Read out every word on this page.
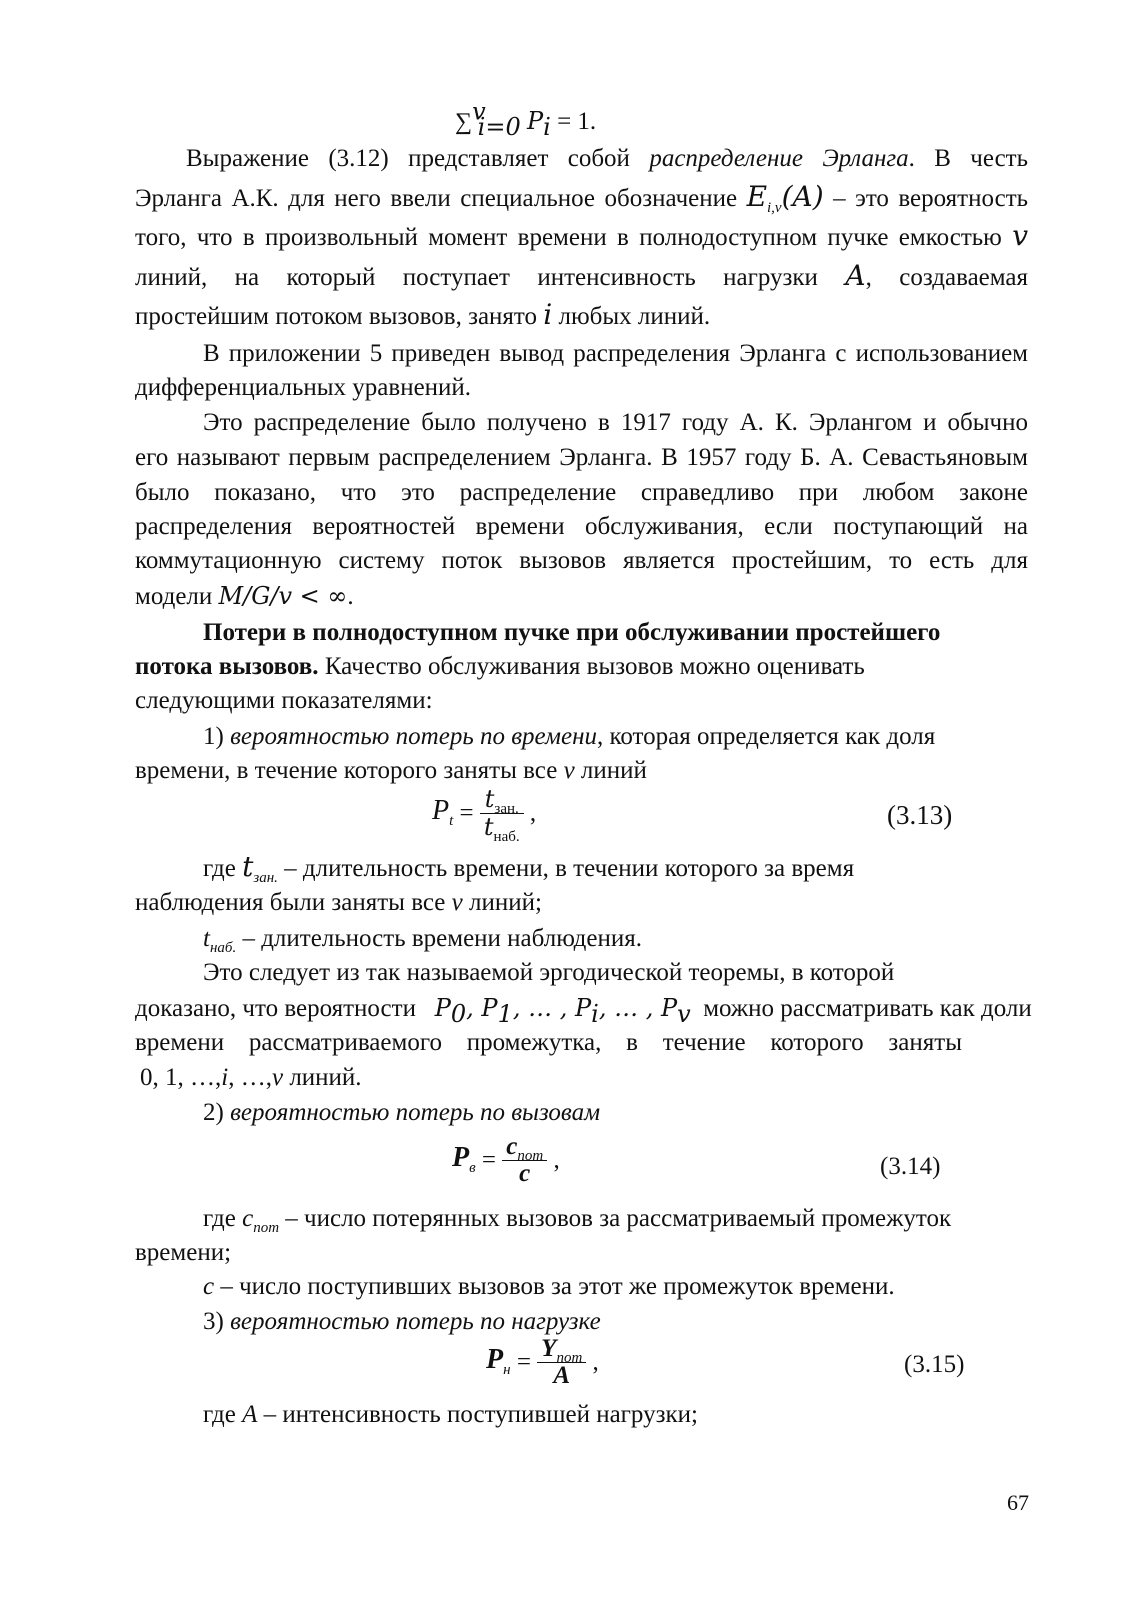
∑$^v_{i=0}$ $P_i = 1$.
Выражение (3.12) представляет собой распределение Эрланга. В честь
Эрланга А.К. для него ввели специальное обозначение $E_{i,v}(A)$ – это вероятность
того, что в произвольный момент времени в полнодоступном пучке емкостью v
линий, на который поступает интенсивность нагрузки A, создаваемая
простейшим потоком вызовов, занято i любых линий.
В приложении 5 приведен вывод распределения Эрланга с использованием
дифференциальных уравнений.
Это распределение было получено в 1917 году А. К. Эрлангом и обычно
его называют первым распределением Эрланга. В 1957 году Б. А. Севастьяновым
было показано, что это распределение справедливо при любом законе
распределения вероятностей времени обслуживания, если поступающий на
коммутационную систему поток вызовов является простейшим, то есть для
модели M/G/v < ∞.
Потери в полнодоступном пучке при обслуживании простейшего
потока вызовов. Качество обслуживания вызовов можно оценивать
следующими показателями:
1) вероятностью потерь по времени, которая определяется как доля
времени, в течение которого заняты все v линий
$P_t = \frac{t_{зан.}}{t_{наб.}}$ ,	(3.13)
где $t_{зан.}$ – длительность времени, в течении которого за время
наблюдения были заняты все v линий;
$t_{наб.}$ – длительность времени наблюдения.
Это следует из так называемой эргодической теоремы, в которой
доказано, что вероятности $P_0$, $P_1$, … , $P_i$, … , $P_v$ можно рассматривать как доли
времени рассматриваемого промежутка, в течение которого заняты
0, 1, …,i, …,v линий.
2) вероятностью потерь по вызовам
$P_в = \frac{c_{пот}}{c}$ ,	(3.14)
где $c_{пот}$ – число потерянных вызовов за рассматриваемый промежуток
времени;
c – число поступивших вызовов за этот же промежуток времени.
3) вероятностью потерь по нагрузке
$P_н = \frac{Y_{пот}}{A}$ ,	(3.15)
где A – интенсивность поступившей нагрузки;
67
